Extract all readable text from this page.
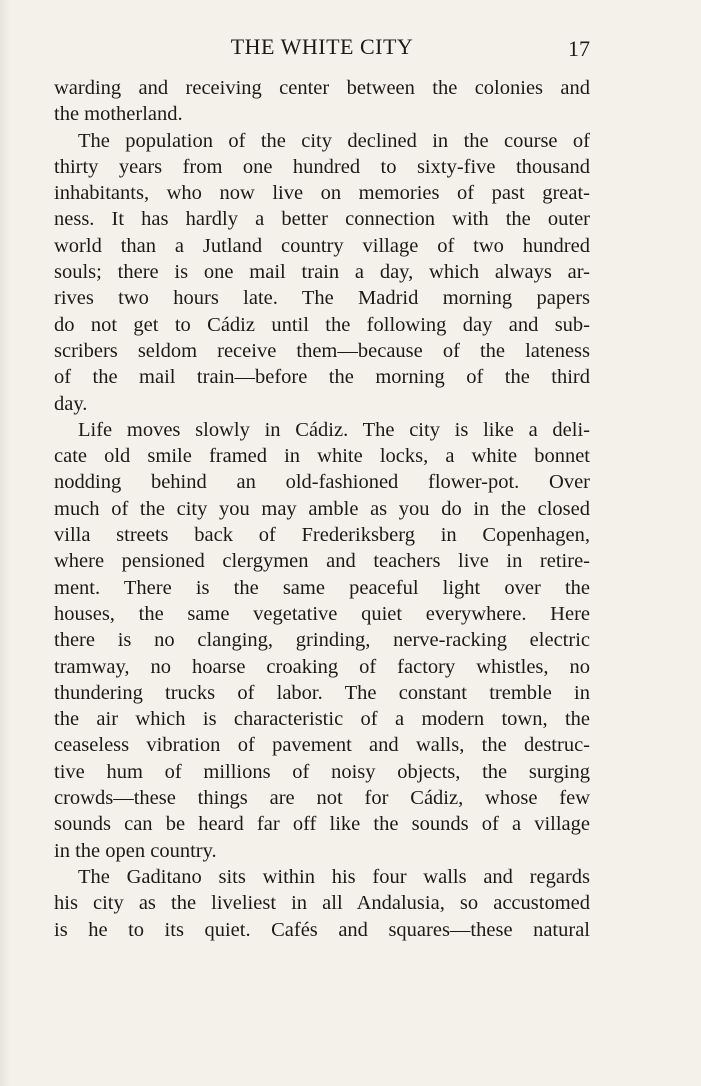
THE WHITE CITY	17
warding and receiving center between the colonies and
the motherland.
The population of the city declined in the course of
thirty years from one hundred to sixty-five thousand
inhabitants, who now live on memories of past great-
ness. It has hardly a better connection with the outer
world than a Jutland country village of two hundred
souls; there is one mail train a day, which always ar-
rives two hours late. The Madrid morning papers
do not get to Cádiz until the following day and sub-
scribers seldom receive them—because of the lateness
of the mail train—before the morning of the third
day.
Life moves slowly in Cádiz. The city is like a deli-
cate old smile framed in white locks, a white bonnet
nodding behind an old-fashioned flower-pot. Over
much of the city you may amble as you do in the closed
villa streets back of Frederiksberg in Copenhagen,
where pensioned clergymen and teachers live in retire-
ment. There is the same peaceful light over the
houses, the same vegetative quiet everywhere. Here
there is no clanging, grinding, nerve-racking electric
tramway, no hoarse croaking of factory whistles, no
thundering trucks of labor. The constant tremble in
the air which is characteristic of a modern town, the
ceaseless vibration of pavement and walls, the destruc-
tive hum of millions of noisy objects, the surging
crowds—these things are not for Cádiz, whose few
sounds can be heard far off like the sounds of a village
in the open country.
The Gaditano sits within his four walls and regards
his city as the liveliest in all Andalusia, so accustomed
is he to its quiet. Cafés and squares—these natural
